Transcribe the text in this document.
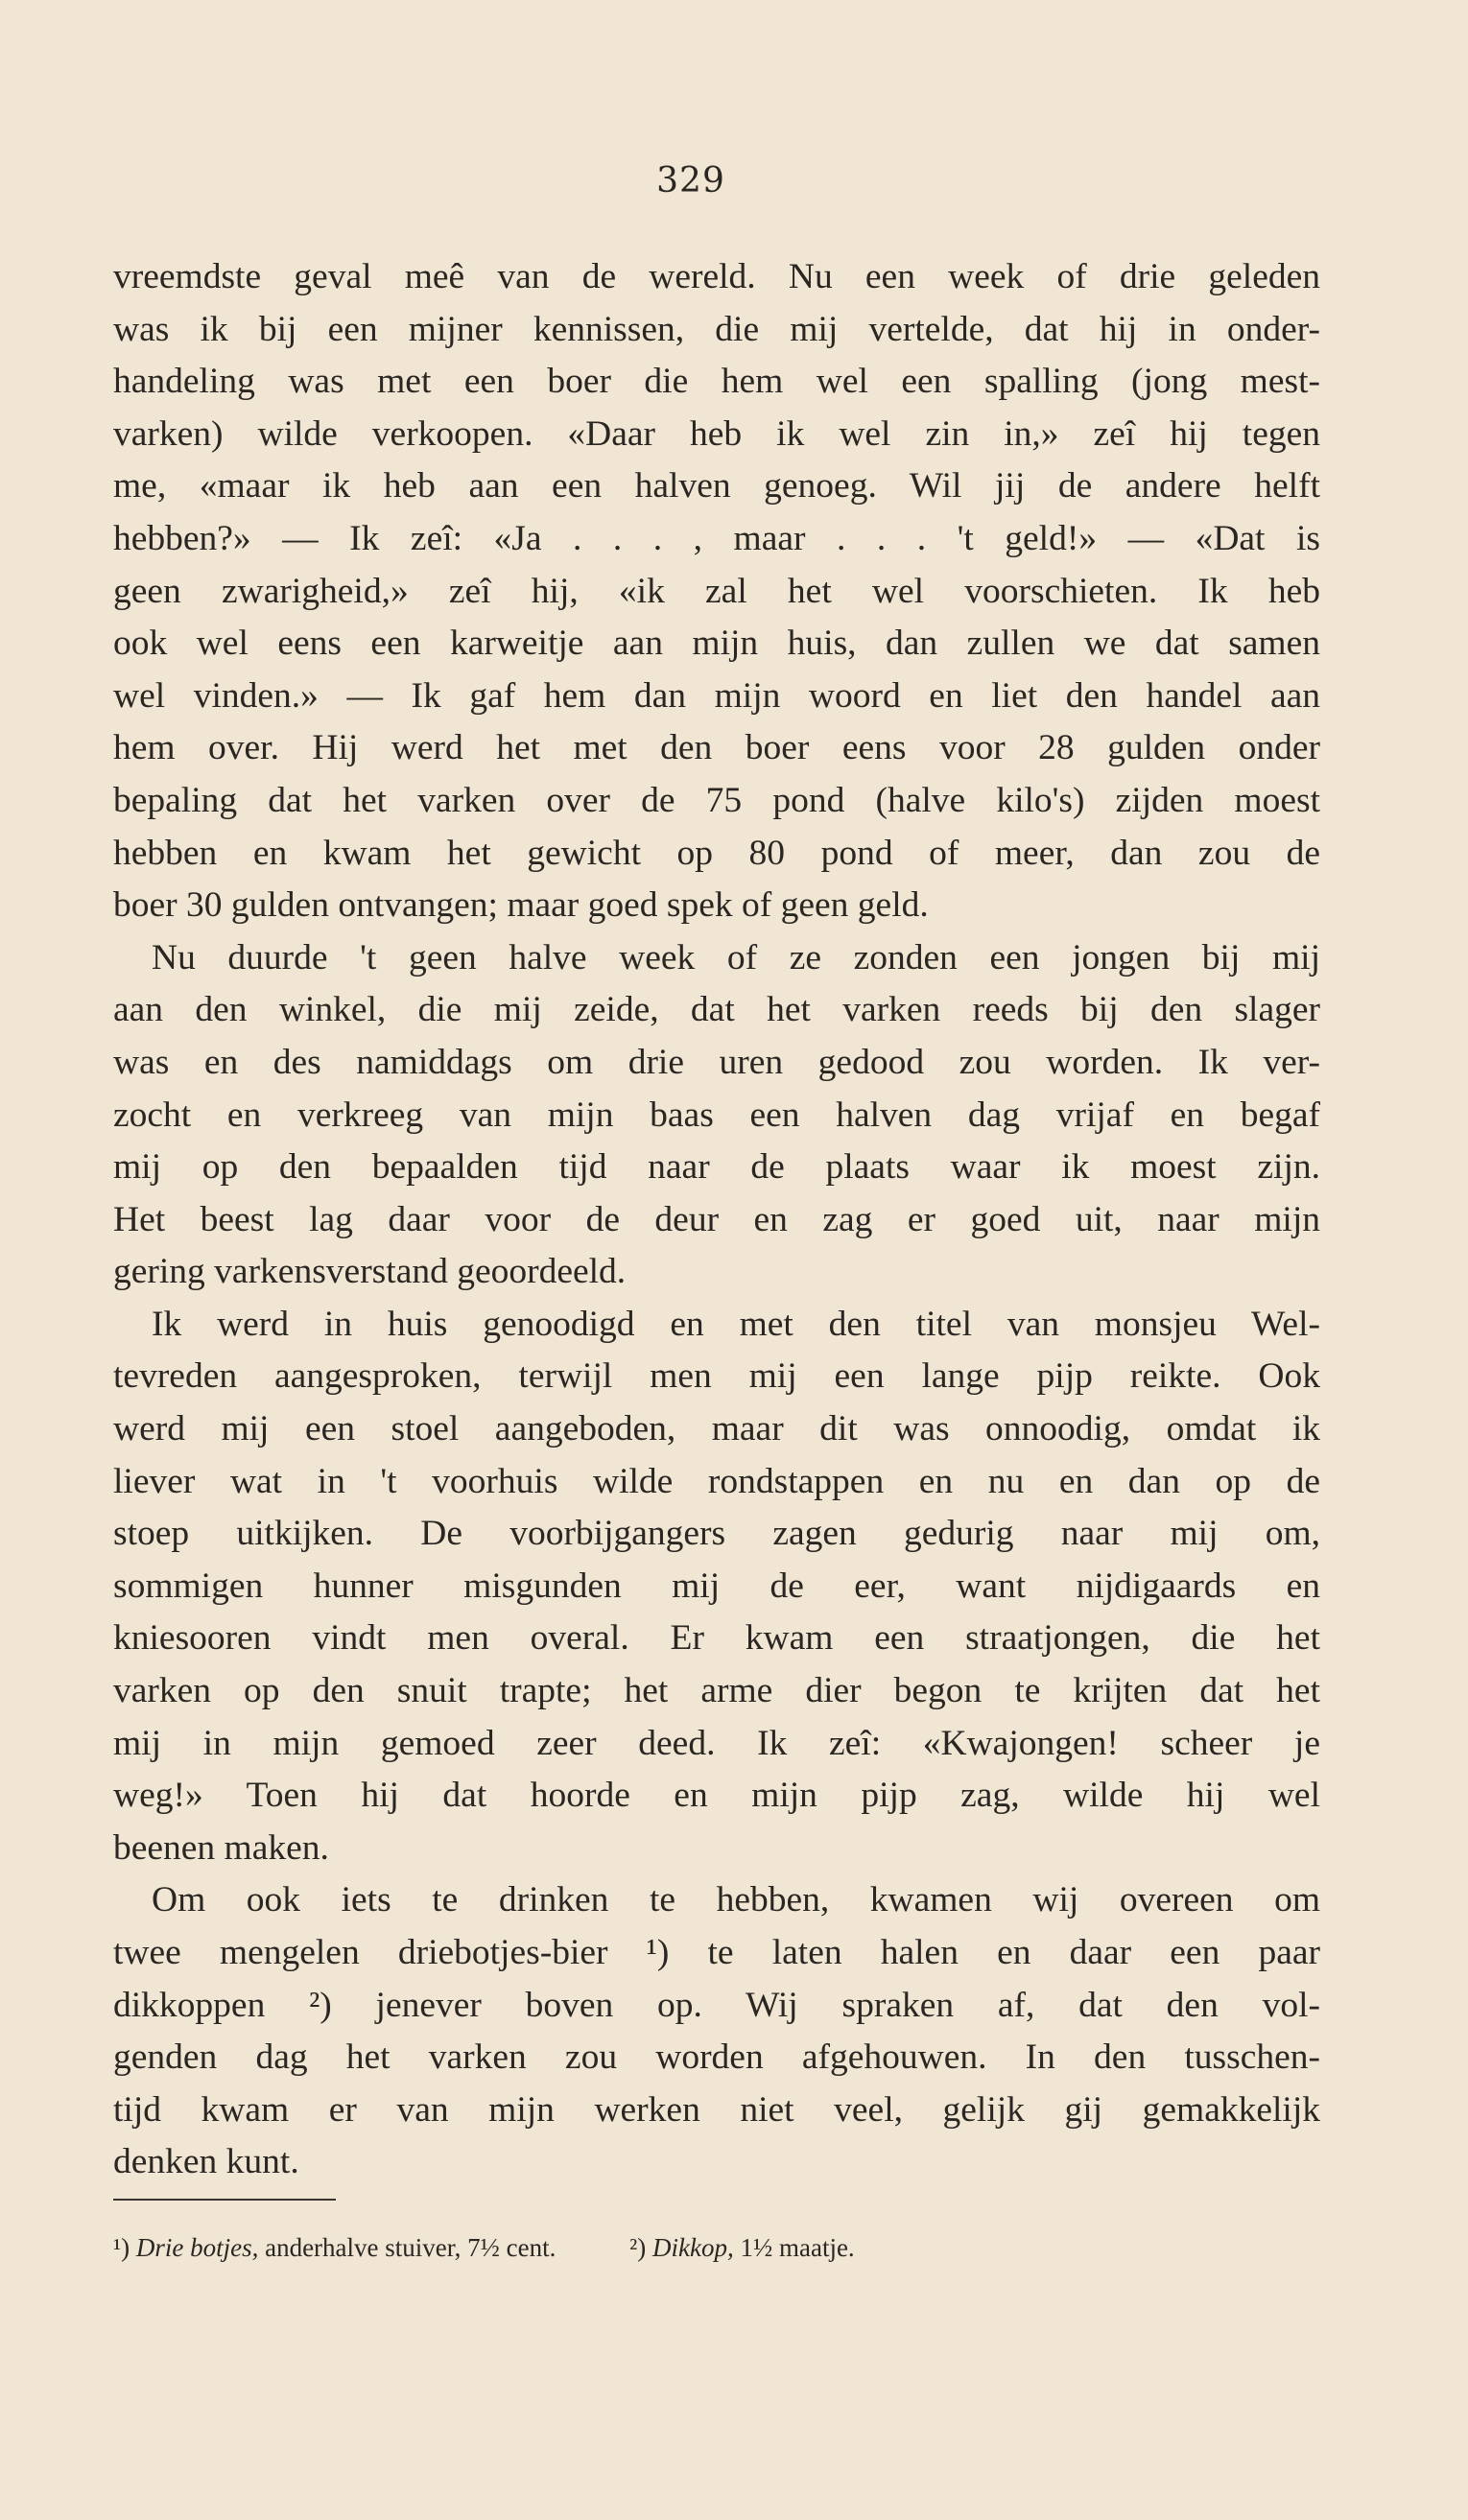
329
vreemdste geval meê van de wereld. Nu een week of drie geleden
was ik bij een mijner kennissen, die mij vertelde, dat hij in onder-
handeling was met een boer die hem wel een spalling (jong mest-
varken) wilde verkoopen. «Daar heb ik wel zin in,» zeî hij tegen
me, «maar ik heb aan een halven genoeg. Wil jij de andere helft
hebben?» — Ik zeî: «Ja . . . , maar . . . 't geld!» — «Dat is
geen zwarigheid,» zeî hij, «ik zal het wel voorschieten. Ik heb
ook wel eens een karweitje aan mijn huis, dan zullen we dat samen
wel vinden.» — Ik gaf hem dan mijn woord en liet den handel aan
hem over. Hij werd het met den boer eens voor 28 gulden onder
bepaling dat het varken over de 75 pond (halve kilo's) zijden moest
hebben en kwam het gewicht op 80 pond of meer, dan zou de
boer 30 gulden ontvangen; maar goed spek of geen geld.
Nu duurde 't geen halve week of ze zonden een jongen bij mij
aan den winkel, die mij zeide, dat het varken reeds bij den slager
was en des namiddags om drie uren gedood zou worden. Ik ver-
zocht en verkreeg van mijn baas een halven dag vrijaf en begaf
mij op den bepaalden tijd naar de plaats waar ik moest zijn.
Het beest lag daar voor de deur en zag er goed uit, naar mijn
gering varkensverstand geoordeeld.
Ik werd in huis genoodigd en met den titel van monsjeu Wel-
tevreden aangesproken, terwijl men mij een lange pijp reikte. Ook
werd mij een stoel aangeboden, maar dit was onnoodig, omdat ik
liever wat in 't voorhuis wilde rondstappen en nu en dan op de
stoep uitkijken. De voorbijgangers zagen gedurig naar mij om,
sommigen hunner misgunden mij de eer, want nijdigaards en
kniesooren vindt men overal. Er kwam een straatjongen, die het
varken op den snuit trapte; het arme dier begon te krijten dat het
mij in mijn gemoed zeer deed. Ik zeî: «Kwajongen! scheer je
weg!» Toen hij dat hoorde en mijn pijp zag, wilde hij wel
beenen maken.
Om ook iets te drinken te hebben, kwamen wij overeen om
twee mengelen driebotjes-bier ¹) te laten halen en daar een paar
dikkoppen ²) jenever boven op. Wij spraken af, dat den vol-
genden dag het varken zou worden afgehouwen. In den tusschen-
tijd kwam er van mijn werken niet veel, gelijk gij gemakkelijk
denken kunt.
¹) Drie botjes, anderhalve stuiver, 7½ cent.	²) Dikkop, 1½ maatje.
